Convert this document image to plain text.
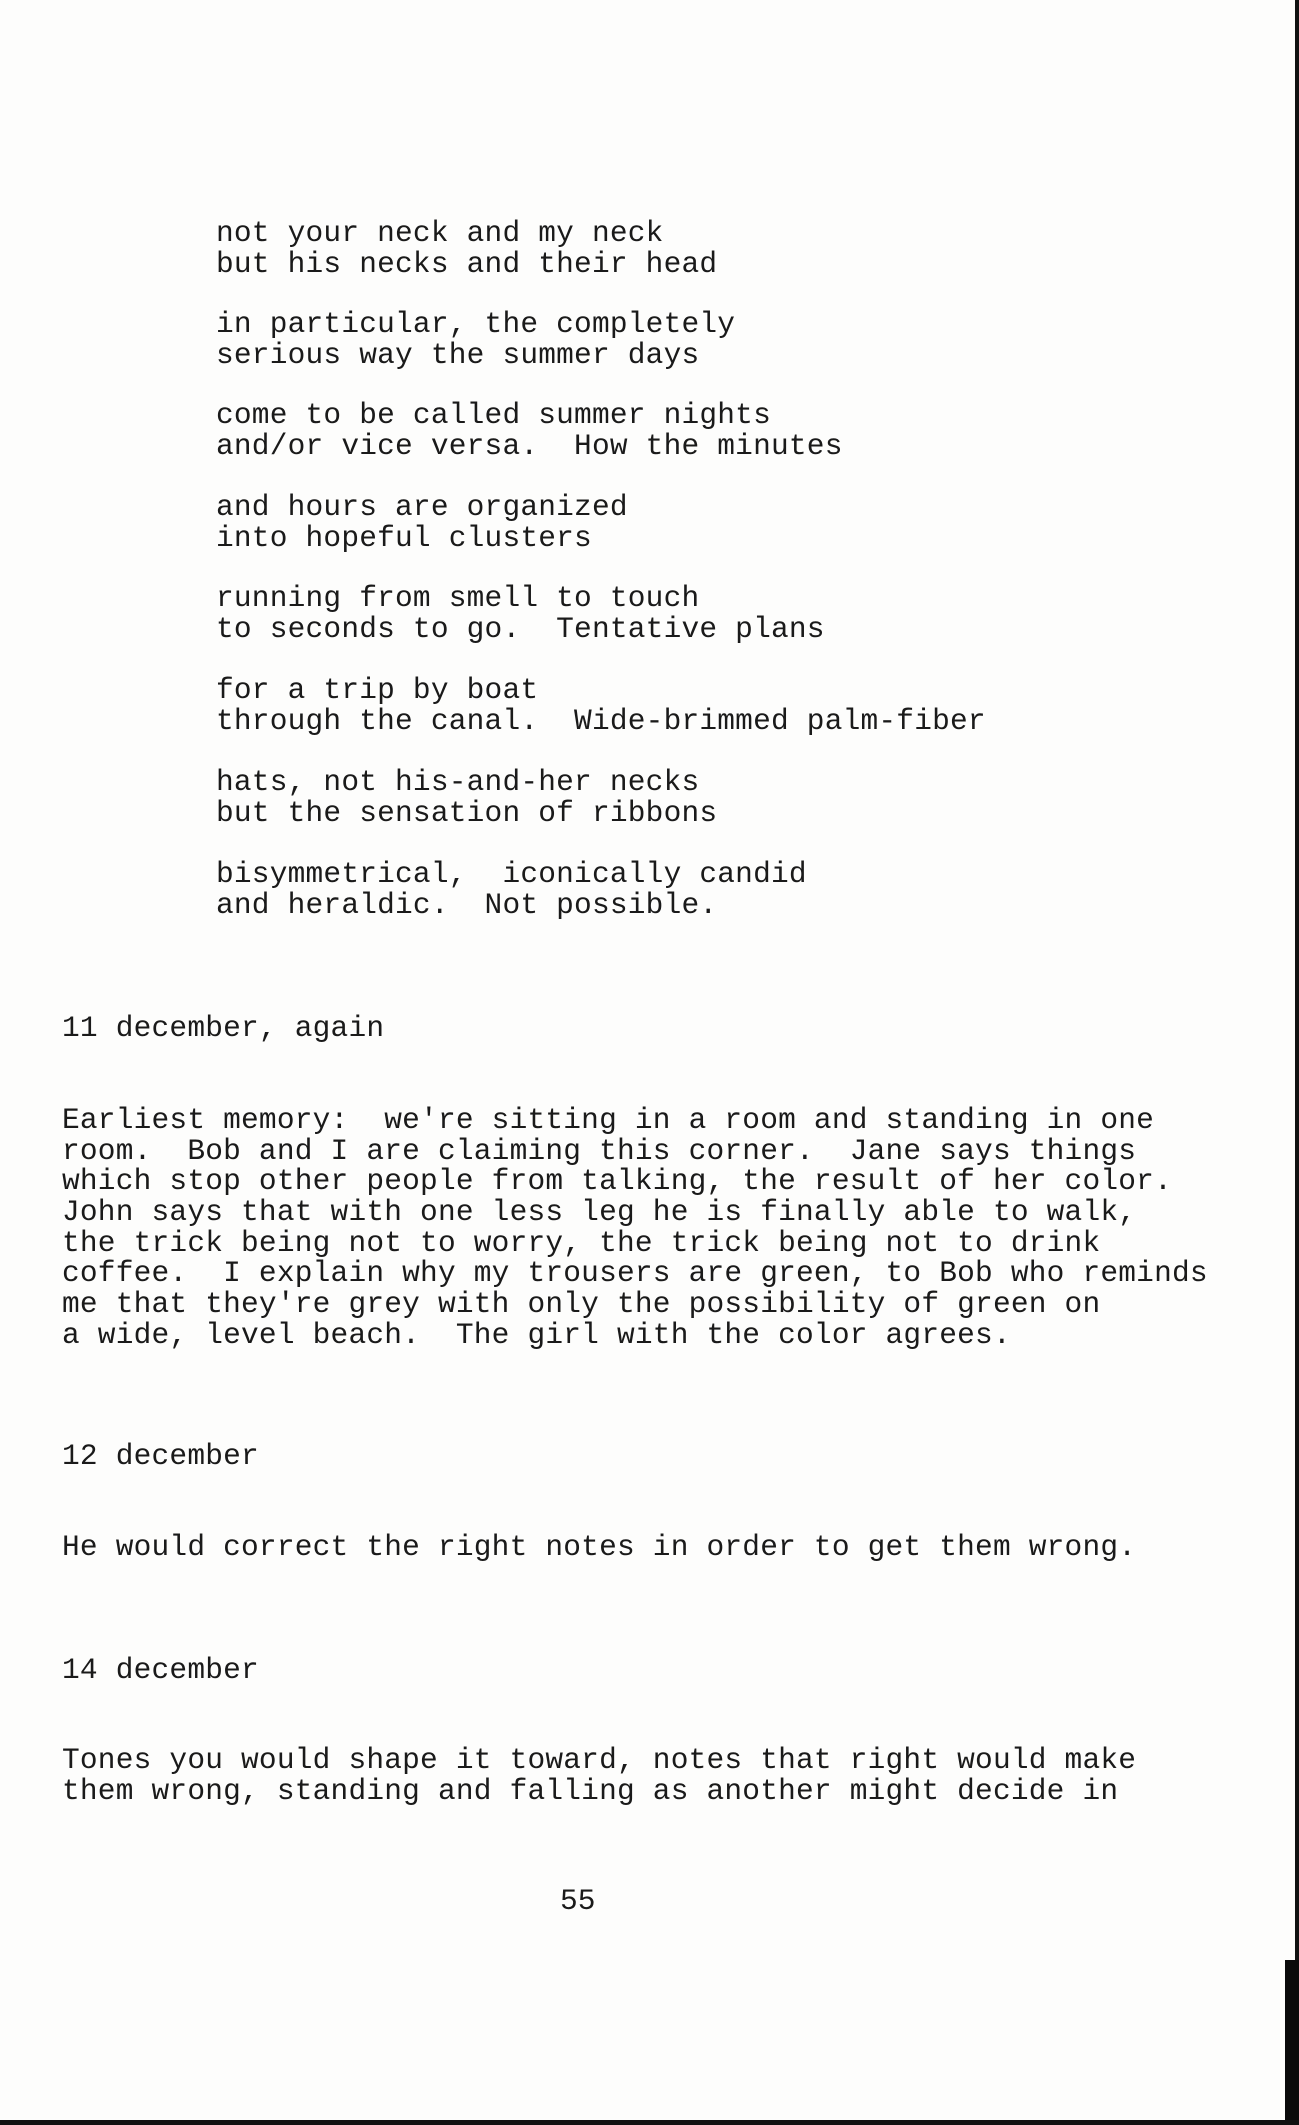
not your neck and my neck
but his necks and their head
in particular, the completely
serious way the summer days
come to be called summer nights
and/or vice versa.  How the minutes
and hours are organized
into hopeful clusters
running from smell to touch
to seconds to go.  Tentative plans
for a trip by boat
through the canal.  Wide-brimmed palm-fiber
hats, not his-and-her necks
but the sensation of ribbons
bisymmetrical,  iconically candid
and heraldic.  Not possible.
11 december, again
Earliest memory:  we're sitting in a room and standing in one
room.  Bob and I are claiming this corner.  Jane says things
which stop other people from talking, the result of her color.
John says that with one less leg he is finally able to walk,
the trick being not to worry, the trick being not to drink
coffee.  I explain why my trousers are green, to Bob who reminds
me that they're grey with only the possibility of green on
a wide, level beach.  The girl with the color agrees.
12 december
He would correct the right notes in order to get them wrong.
14 december
Tones you would shape it toward, notes that right would make
them wrong, standing and falling as another might decide in
55
